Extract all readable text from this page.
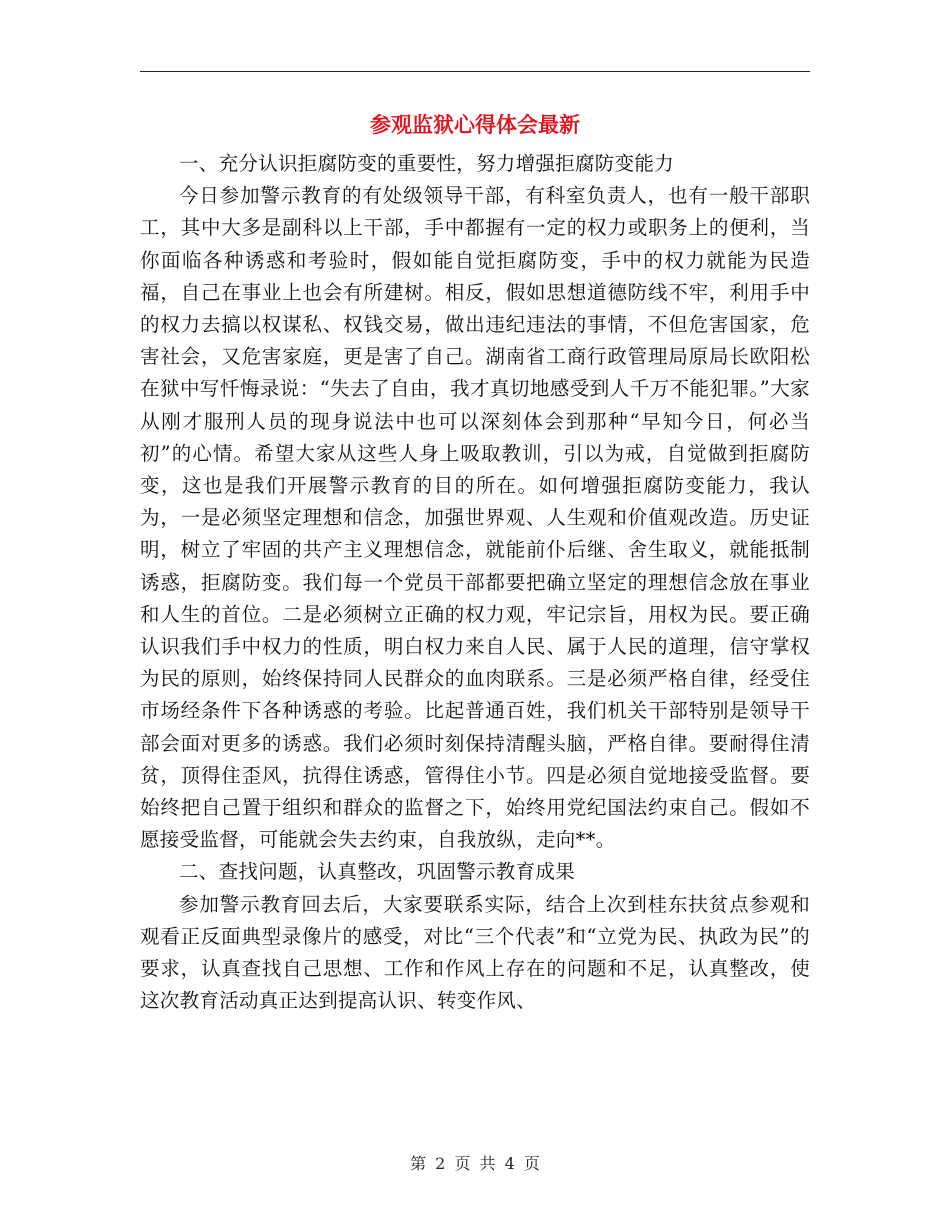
参观监狱心得体会最新

一、充分认识拒腐防变的重要性，努力增强拒腐防变能力

今日参加警示教育的有处级领导干部，有科室负责人，也有一般干部职工，其中大多是副科以上干部，手中都握有一定的权力或职务上的便利，当你面临各种诱惑和考验时，假如能自觉拒腐防变，手中的权力就能为民造福，自己在事业上也会有所建树。相反，假如思想道德防线不牢，利用手中的权力去搞以权谋私、权钱交易，做出违纪违法的事情，不但危害国家，危害社会，又危害家庭，更是害了自己。湖南省工商行政管理局原局长欧阳松 在狱中写忏悔录说：“失去了自由，我才真切地感受到人千万不能犯罪。”大家从刚才服刑人员的现身说法中也可以深刻体会到那种“早知今日，何必当初”的心情。希望大家从这些人身上吸取教训，引以为戒，自觉做到拒腐防变，这也是我们开展警示教育的目的所在。如何增强拒腐防变能力，我认为，一是必须坚定理想和信念，加强世界观、人生观和价值观改造。历史证明，树立了牢固的共产主义理想信念，就能前仆后继、舍生取义，就能抵制诱惑，拒腐防变。我们每一个党员干部都要把确立坚定的理想信念放在事业和人生的首位。二是必须树立正确的权力观，牢记宗旨，用权为民。要正确认识我们手中权力的性质，明白权力来自人民、属于人民的道理，信守掌权为民的原则，始终保持同人民群众的血肉联系。三是必须严格自律，经受住市场经条件下各种诱惑的考验。比起普通百姓，我们机关干部特别是领导干部会面对更多的诱惑。我们必须时刻保持清醒头脑，严格自律。要耐得住清贫，顶得住歪风，抗得住诱惑，管得住小节。四是必须自觉地接受监督。要始终把自己置于组织和群众的监督之下，始终用党纪国法约束自己。假如不愿接受监督，可能就会失去约束，自我放纵，走向**。

二、查找问题，认真整改，巩固警示教育成果

参加警示教育回去后，大家要联系实际，结合上次到桂东扶贫点参观和观看正反面典型录像片的感受，对比“三个代表”和“立党为民、执政为民”的要求，认真查找自己思想、工作和作风上存在的问题和不足，认真整改，使这次教育活动真正达到提高认识、转变作风、

第 2 页 共 4 页
